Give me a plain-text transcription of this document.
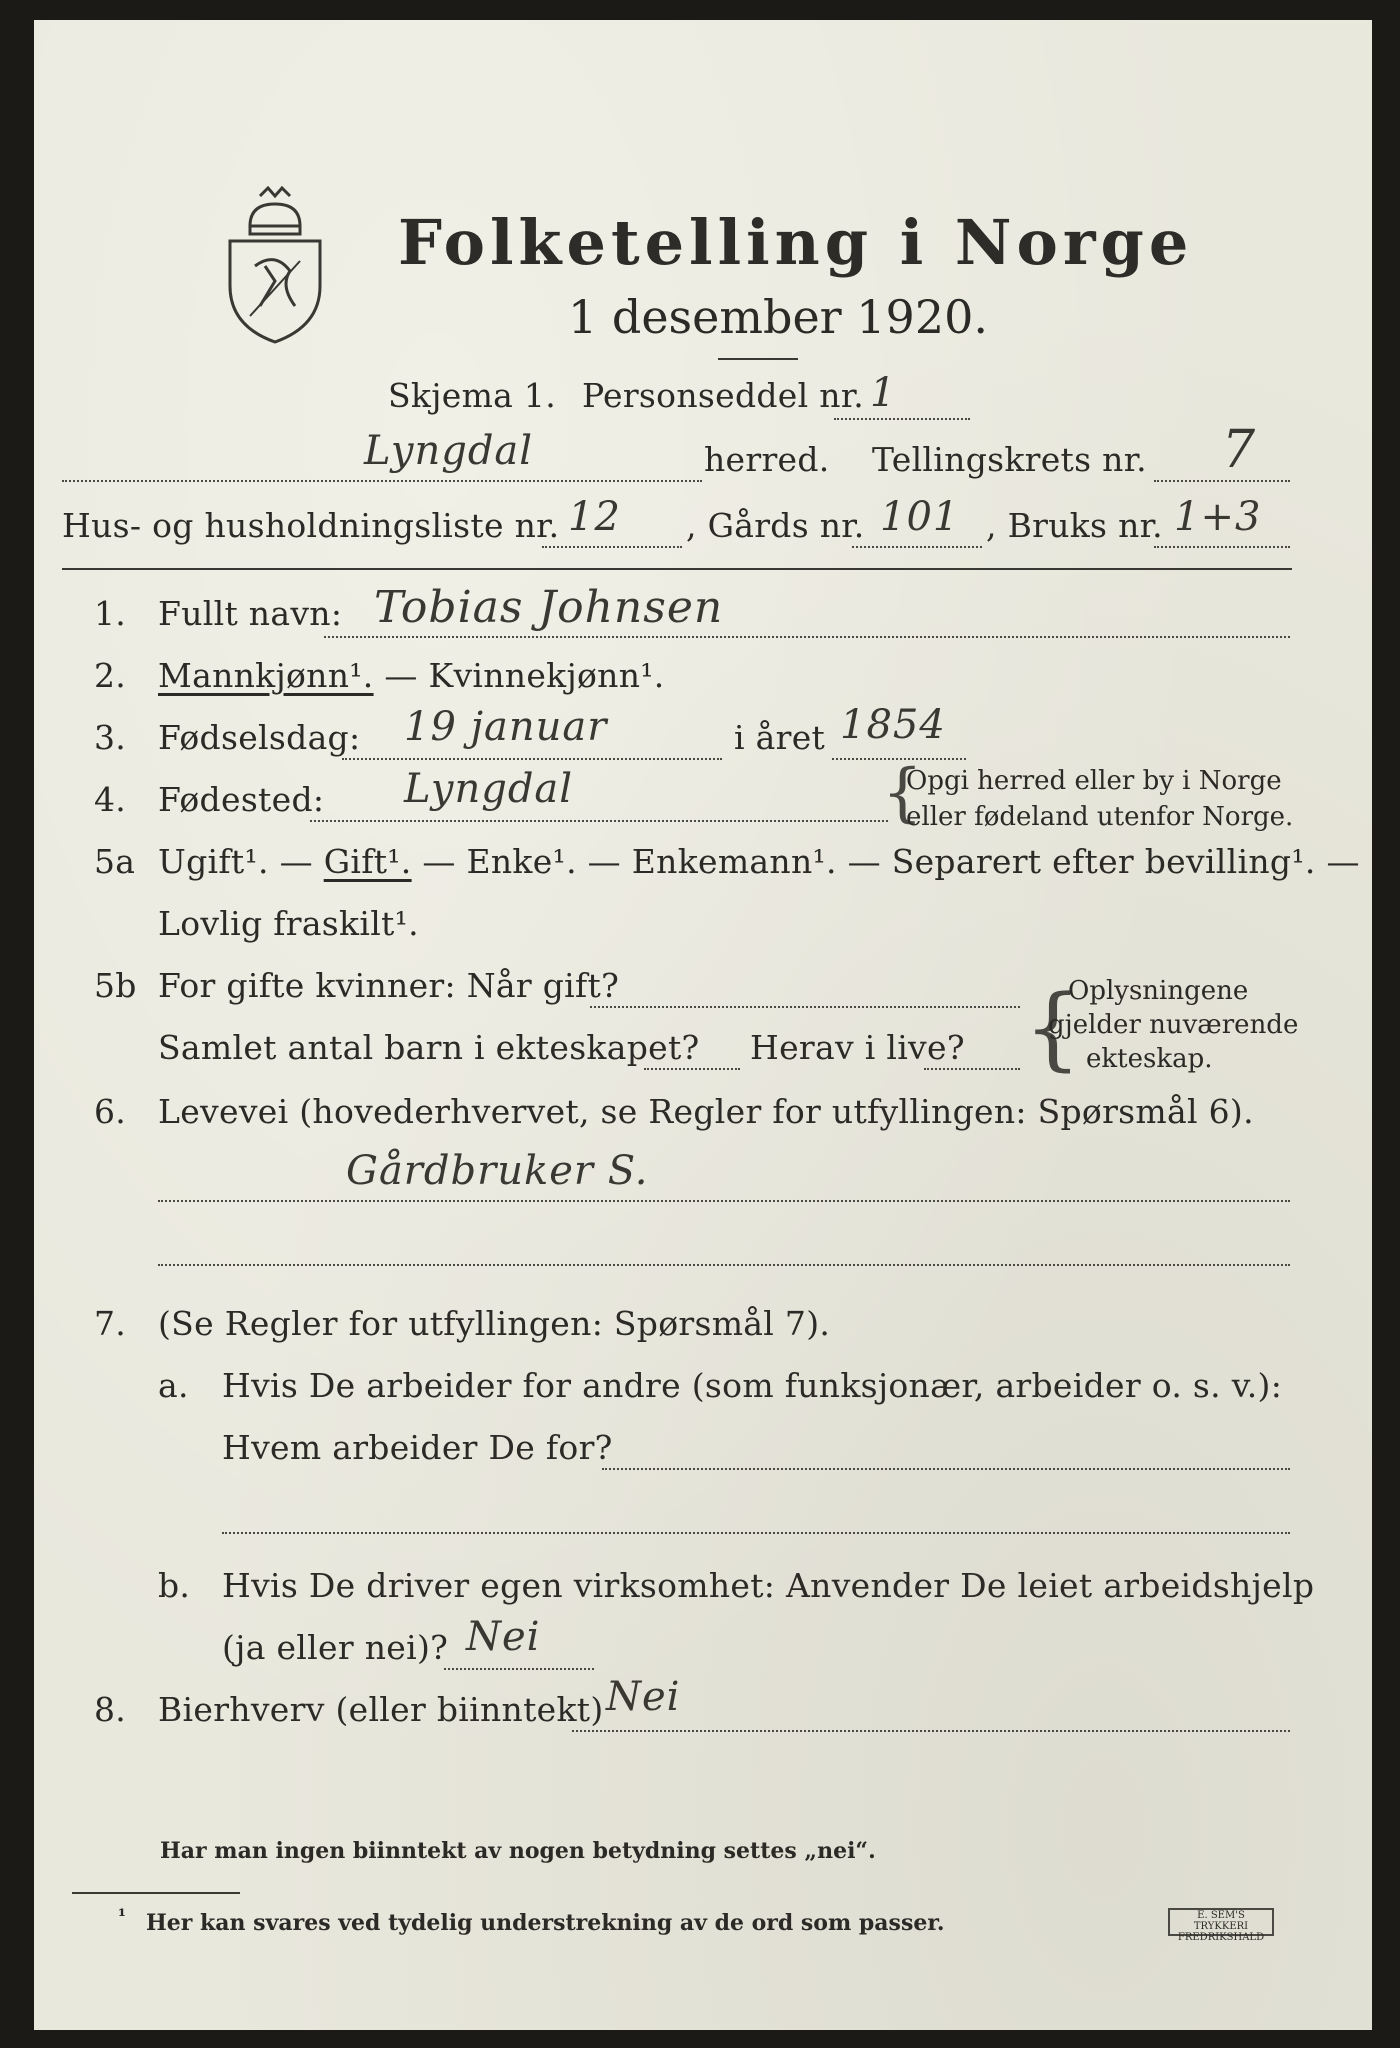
Folketelling i Norge
1 desember 1920.
Skjema 1. Personseddel nr. 1
Lyngdal	herred. Tellingskrets nr. 7
Hus- og husholdningsliste nr. 12 , Gårds nr. 101 , Bruks nr. 1+3
1. Fullt navn: Tobias Johnsen
2. Mannkjønn¹. — Kvinnekjønn¹.
3. Fødselsdag: 19 januar	i året 1854
4. Fødested: Lyngdal	{
Opgi herred eller by i Norge
eller fødeland utenfor Norge.
5a Ugift¹. — Gift¹. — Enke¹. — Enkemann¹. — Separert efter bevilling¹. —
Lovlig fraskilt¹.
5b For gifte kvinner: Når gift?
Samlet antal barn i ekteskapet? Herav i live? {
Oplysningene
gjelder nuværende
ekteskap.
6. Levevei (hovederhvervet, se Regler for utfyllingen: Spørsmål 6).
Gårdbruker S.
7. (Se Regler for utfyllingen: Spørsmål 7).
a. Hvis De arbeider for andre (som funksjonær, arbeider o. s. v.):
Hvem arbeider De for?
b. Hvis De driver egen virksomhet: Anvender De leiet arbeidshjelp
(ja eller nei)? Nei
8. Bierhverv (eller biinntekt) Nei
Har man ingen biinntekt av nogen betydning settes „nei“.
¹ Her kan svares ved tydelig understrekning av de ord som passer.	E. SEM'S TRYKKERI FREDRIKSHALD
